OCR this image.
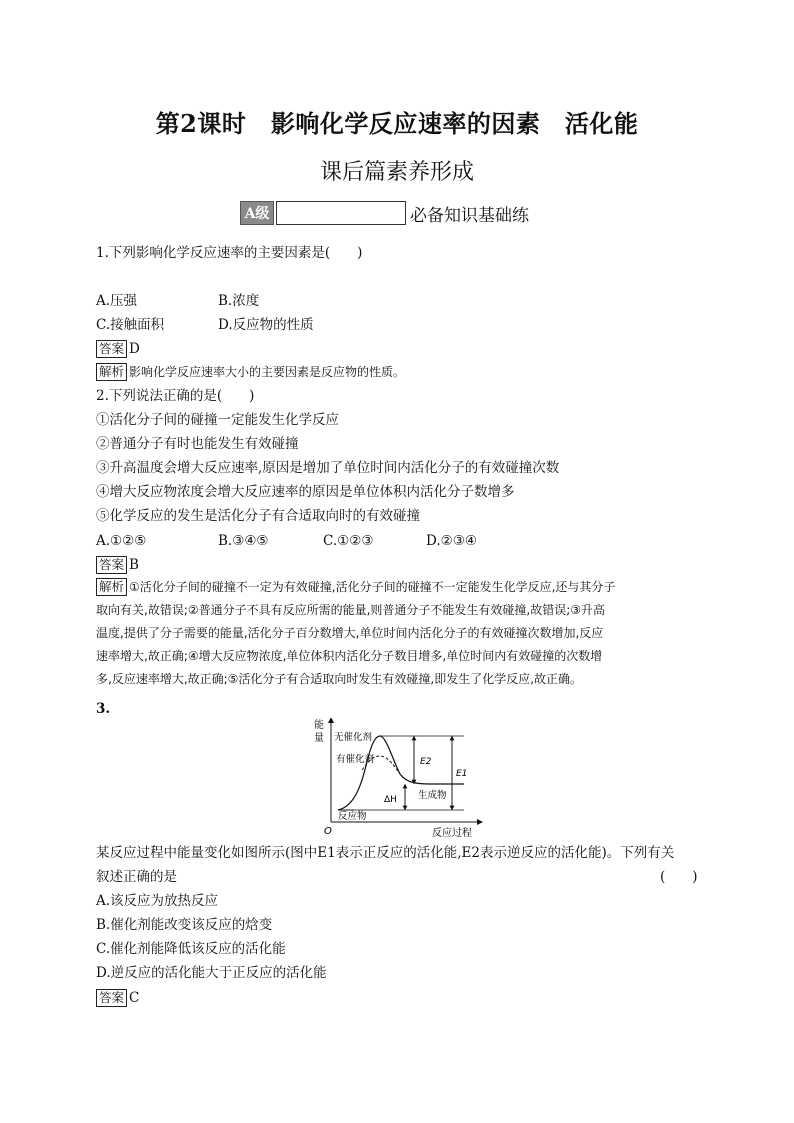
第2课时　影响化学反应速率的因素　活化能
课后篇素养形成
A级	必备知识基础练
1.下列影响化学反应速率的主要因素是(　　)
A.压强	B.浓度
C.接触面积	D.反应物的性质
答案 D
解析 影响化学反应速率大小的主要因素是反应物的性质。
2.下列说法正确的是(　　)
①活化分子间的碰撞一定能发生化学反应
②普通分子有时也能发生有效碰撞
③升高温度会增大反应速率,原因是增加了单位时间内活化分子的有效碰撞次数
④增大反应物浓度会增大反应速率的原因是单位体积内活化分子数增多
⑤化学反应的发生是活化分子有合适取向时的有效碰撞
A.①②⑤	B.③④⑤	C.①②③	D.②③④
答案 B
解析 ①活化分子间的碰撞不一定为有效碰撞,活化分子间的碰撞不一定能发生化学反应,还与其分子
取向有关,故错误;②普通分子不具有反应所需的能量,则普通分子不能发生有效碰撞,故错误;③升高
温度,提供了分子需要的能量,活化分子百分数增大,单位时间内活化分子的有效碰撞次数增加,反应
速率增大,故正确;④增大反应物浓度,单位体积内活化分子数目增多,单位时间内有效碰撞的次数增
多,反应速率增大,故正确;⑤活化分子有合适取向时发生有效碰撞,即发生了化学反应,故正确。
3.
能
量
O	反应过程
E2
E1
ΔH
无催化剂
有催化剂
生成物
反应物
某反应过程中能量变化如图所示(图中E1表示正反应的活化能,E2表示逆反应的活化能)。下列有关
叙述正确的是	(　　)
A.该反应为放热反应
B.催化剂能改变该反应的焓变
C.催化剂能降低该反应的活化能
D.逆反应的活化能大于正反应的活化能
答案 C
